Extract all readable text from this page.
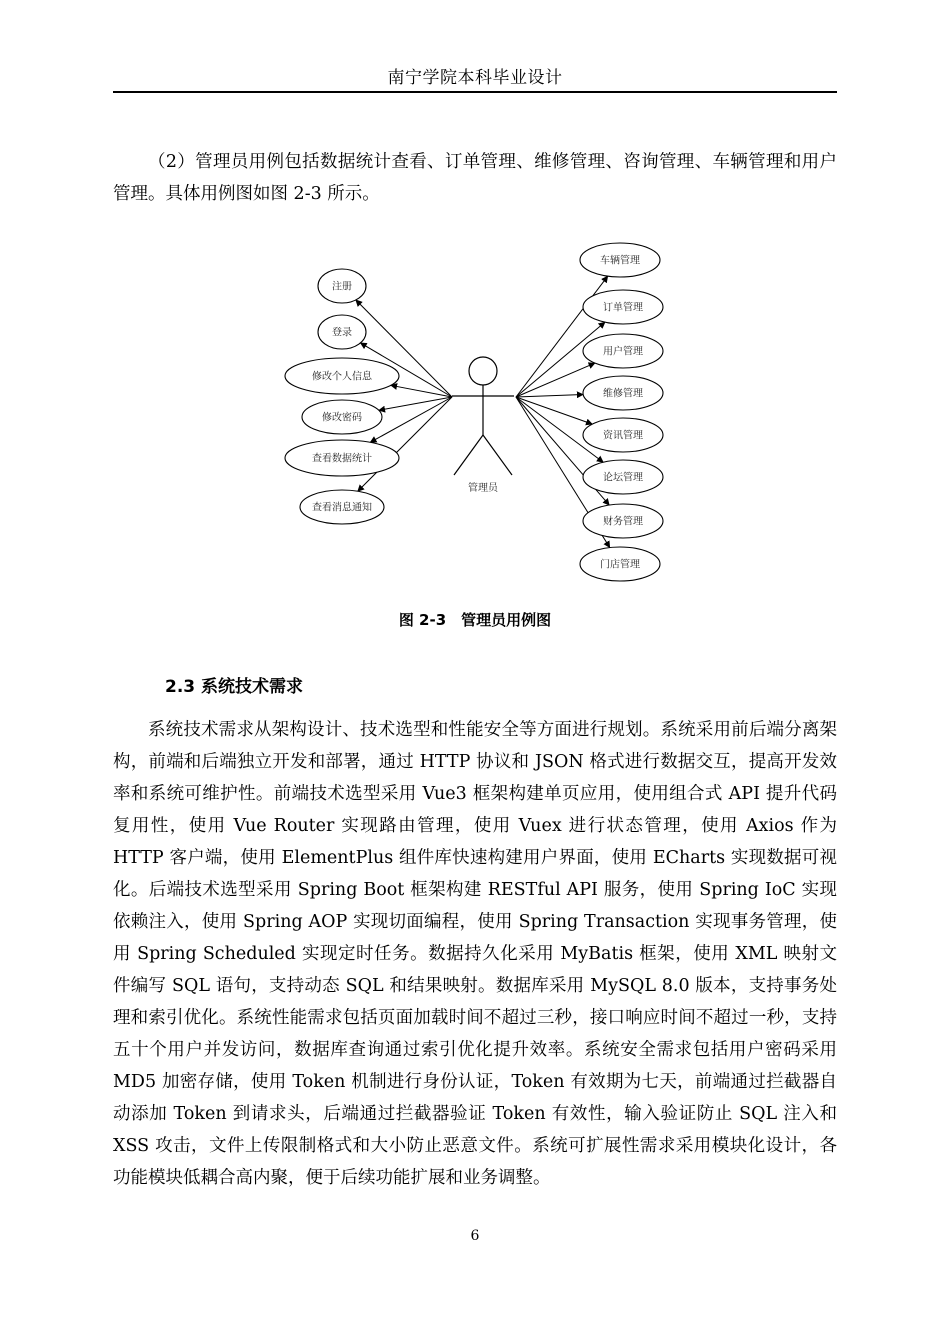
南宁学院本科毕业设计

（2）管理员用例包括数据统计查看、订单管理、维修管理、咨询管理、车辆管理和用户管理。具体用例图如图 2-3 所示。

管理员
注册
登录
修改个人信息
修改密码
查看数据统计
查看消息通知
车辆管理
订单管理
用户管理
维修管理
资讯管理
论坛管理
财务管理
门店管理
图 2-3　管理员用例图
2.3 系统技术需求

系统技术需求从架构设计、技术选型和性能安全等方面进行规划。系统采用前后端分离架构，前端和后端独立开发和部署，通过 HTTP 协议和 JSON 格式进行数据交互，提高开发效率和系统可维护性。前端技术选型采用 Vue3 框架构建单页应用，使用组合式 API 提升代码复用性，使用 Vue Router 实现路由管理，使用 Vuex 进行状态管理，使用 Axios 作为 HTTP 客户端，使用 ElementPlus 组件库快速构建用户界面，使用 ECharts 实现数据可视化。后端技术选型采用 Spring Boot 框架构建 RESTful API 服务，使用 Spring IoC 实现依赖注入，使用 Spring AOP 实现切面编程，使用 Spring Transaction 实现事务管理，使用 Spring Scheduled 实现定时任务。数据持久化采用 MyBatis 框架，使用 XML 映射文件编写 SQL 语句，支持动态 SQL 和结果映射。数据库采用 MySQL 8.0 版本，支持事务处理和索引优化。系统性能需求包括页面加载时间不超过三秒，接口响应时间不超过一秒，支持五十个用户并发访问，数据库查询通过索引优化提升效率。系统安全需求包括用户密码采用 MD5 加密存储，使用 Token 机制进行身份认证，Token 有效期为七天，前端通过拦截器自动添加 Token 到请求头，后端通过拦截器验证 Token 有效性，输入验证防止 SQL 注入和 XSS 攻击，文件上传限制格式和大小防止恶意文件。系统可扩展性需求采用模块化设计，各功能模块低耦合高内聚，便于后续功能扩展和业务调整。

6
